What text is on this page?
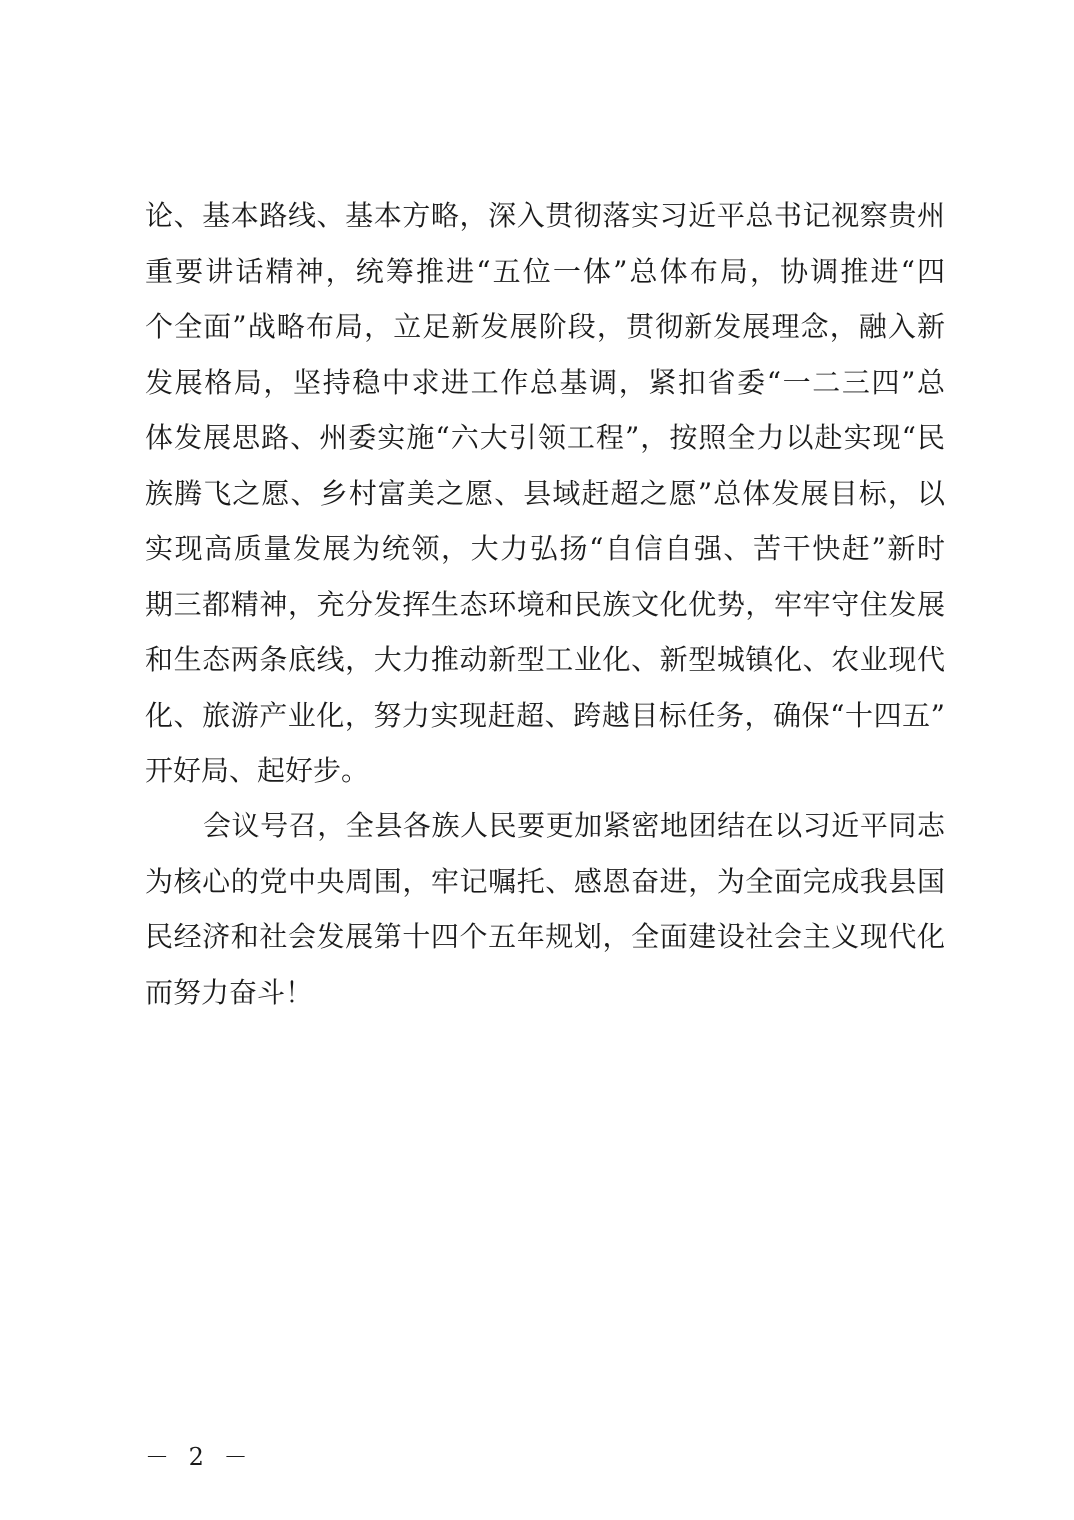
论、基本路线、基本方略，深入贯彻落实习近平总书记视察贵州
重要讲话精神，统筹推进“五位一体”总体布局，协调推进“四
个全面”战略布局，立足新发展阶段，贯彻新发展理念，融入新
发展格局，坚持稳中求进工作总基调，紧扣省委“一二三四”总
体发展思路、州委实施“六大引领工程”，按照全力以赴实现“民
族腾飞之愿、乡村富美之愿、县域赶超之愿”总体发展目标，以
实现高质量发展为统领，大力弘扬“自信自强、苦干快赶”新时
期三都精神，充分发挥生态环境和民族文化优势，牢牢守住发展
和生态两条底线，大力推动新型工业化、新型城镇化、农业现代
化、旅游产业化，努力实现赶超、跨越目标任务，确保“十四五”
开好局、起好步。
会议号召，全县各族人民要更加紧密地团结在以习近平同志
为核心的党中央周围，牢记嘱托、感恩奋进，为全面完成我县国
民经济和社会发展第十四个五年规划，全面建设社会主义现代化
而努力奋斗！
－ 2 －
